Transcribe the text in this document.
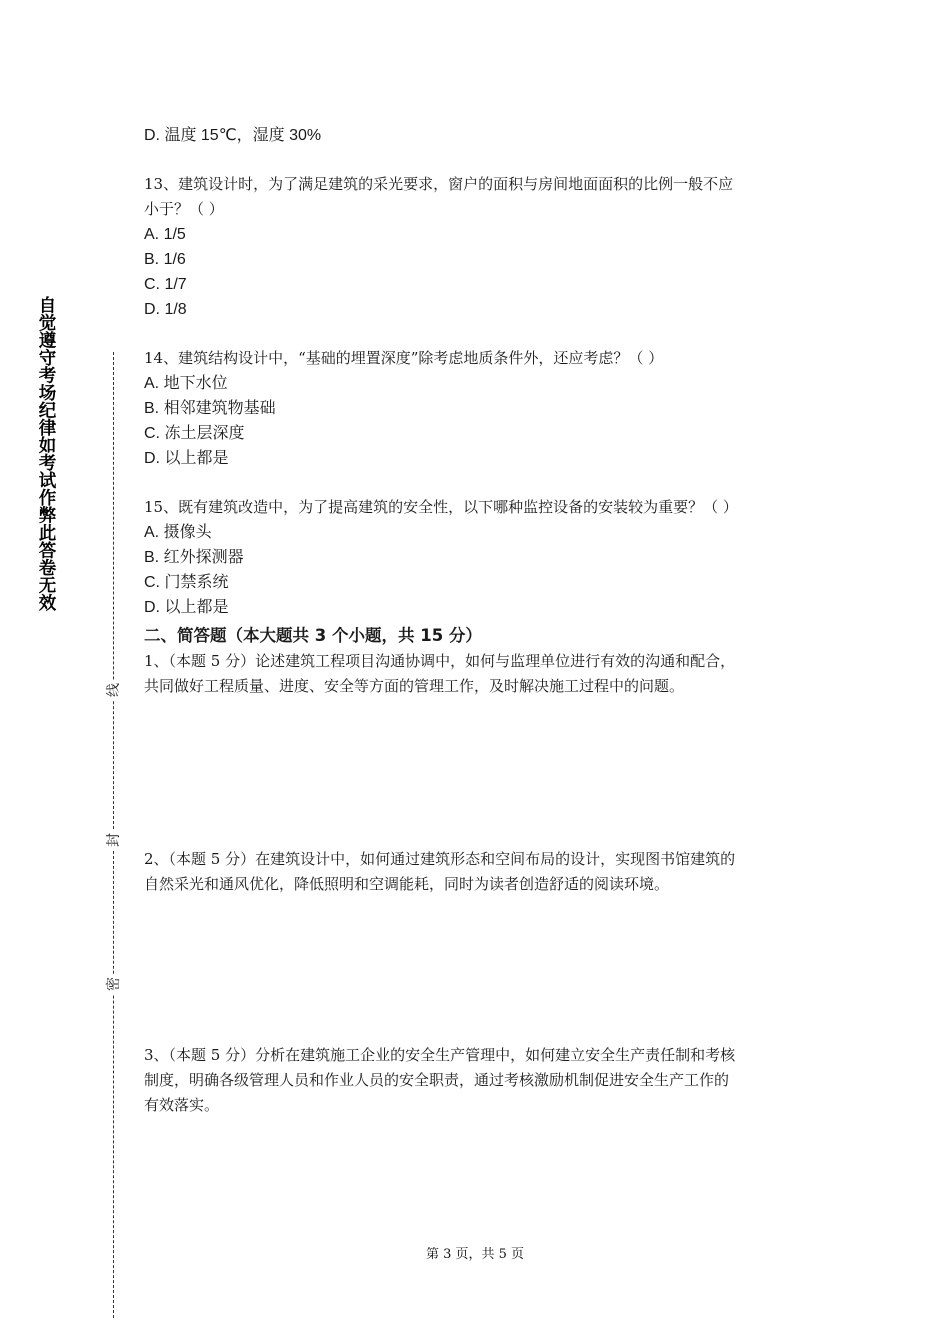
自觉遵守考场纪律如考试作弊此答卷无效
线
封
密
D. 温度 15℃，湿度 30%
13、建筑设计时，为了满足建筑的采光要求，窗户的面积与房间地面面积的比例一般不应
小于？（ ）
A. 1/5
B. 1/6
C. 1/7
D. 1/8
14、建筑结构设计中，“基础的埋置深度”除考虑地质条件外，还应考虑？（ ）
A. 地下水位
B. 相邻建筑物基础
C. 冻土层深度
D. 以上都是
15、既有建筑改造中，为了提高建筑的安全性，以下哪种监控设备的安装较为重要？（ ）
A. 摄像头
B. 红外探测器
C. 门禁系统
D. 以上都是
二、简答题（本大题共 3 个小题，共 15 分）
1、（本题 5 分）论述建筑工程项目沟通协调中，如何与监理单位进行有效的沟通和配合，
共同做好工程质量、进度、安全等方面的管理工作，及时解决施工过程中的问题。
2、（本题 5 分）在建筑设计中，如何通过建筑形态和空间布局的设计，实现图书馆建筑的
自然采光和通风优化，降低照明和空调能耗，同时为读者创造舒适的阅读环境。
3、（本题 5 分）分析在建筑施工企业的安全生产管理中，如何建立安全生产责任制和考核
制度，明确各级管理人员和作业人员的安全职责，通过考核激励机制促进安全生产工作的
有效落实。
第 3 页，共 5 页
